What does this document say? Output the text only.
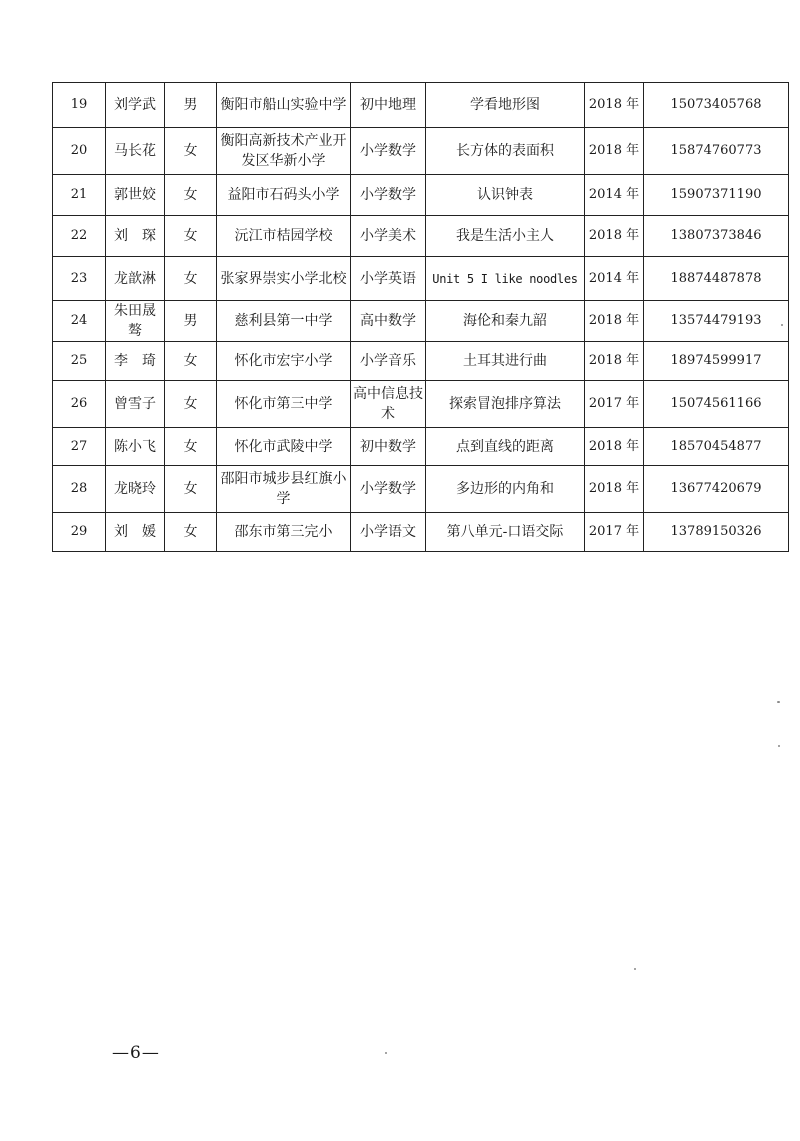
19	刘学武	男	衡阳市船山实验中学	初中地理	学看地形图	2018 年	15073405768
20	马长花	女	衡阳高新技术产业开发区华新小学	小学数学	长方体的表面积	2018 年	15874760773
21	郭世姣	女	益阳市石码头小学	小学数学	认识钟表	2014 年	15907371190
22	刘　琛	女	沅江市桔园学校	小学美术	我是生活小主人	2018 年	13807373846
23	龙歆淋	女	张家界崇实小学北校	小学英语	Unit 5 I like noodles	2014 年	18874487878
24	朱田晟骜	男	慈利县第一中学	高中数学	海伦和秦九韶	2018 年	13574479193
25	李　琦	女	怀化市宏宇小学	小学音乐	土耳其进行曲	2018 年	18974599917
26	曾雪子	女	怀化市第三中学	高中信息技术	探索冒泡排序算法	2017 年	15074561166
27	陈小飞	女	怀化市武陵中学	初中数学	点到直线的距离	2018 年	18570454877
28	龙晓玲	女	邵阳市城步县红旗小学	小学数学	多边形的内角和	2018 年	13677420679
29	刘　媛	女	邵东市第三完小	小学语文	第八单元-口语交际	2017 年	13789150326
—6—
